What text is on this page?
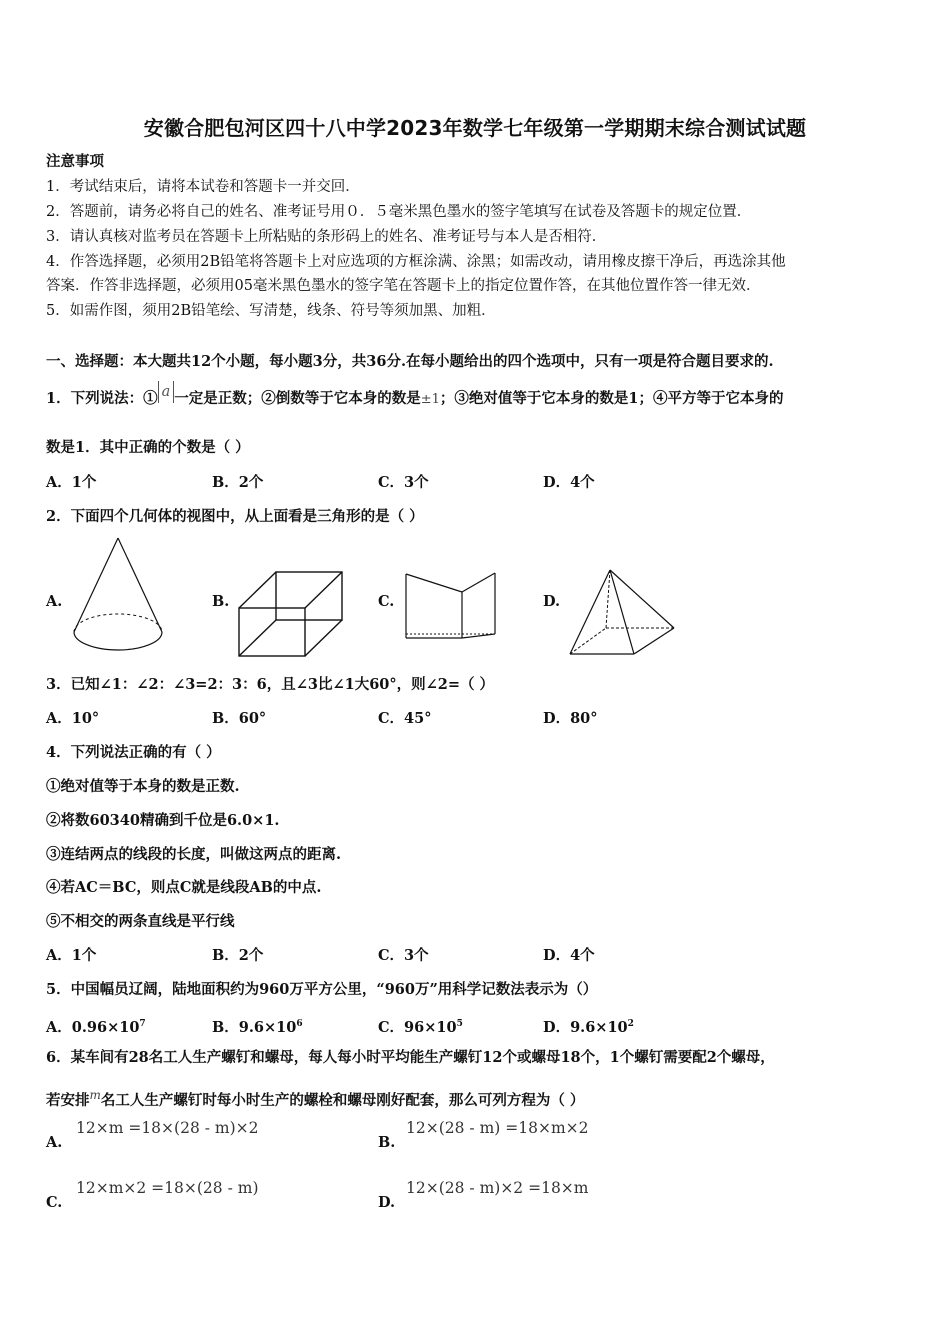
安徽合肥包河区四十八中学2023年数学七年级第一学期期末综合测试试题
注意事项
1．考试结束后，请将本试卷和答题卡一并交回．
2．答题前，请务必将自己的姓名、准考证号用０．５毫米黑色墨水的签字笔填写在试卷及答题卡的规定位置．
3．请认真核对监考员在答题卡上所粘贴的条形码上的姓名、准考证号与本人是否相符．
4．作答选择题，必须用2B铅笔将答题卡上对应选项的方框涂满、涂黑；如需改动，请用橡皮擦干净后，再选涂其他
答案．作答非选择题，必须用05毫米黑色墨水的签字笔在答题卡上的指定位置作答，在其他位置作答一律无效．
5．如需作图，须用2B铅笔绘、写清楚，线条、符号等须加黑、加粗．
一、选择题：本大题共12个小题，每小题3分，共36分.在每小题给出的四个选项中，只有一项是符合题目要求的.
1．下列说法：① a 一定是正数；②倒数等于它本身的数是±1；③绝对值等于它本身的数是1；④平方等于它本身的
数是1．其中正确的个数是（ ）
A．1个	B．2个	C．3个	D．4个
2．下面四个几何体的视图中，从上面看是三角形的是（ ）
A.	B.	C.	D.
3．已知∠1：∠2：∠3=2：3：6，且∠3比∠1大60°，则∠2=（ ）
A．10°	B．60°	C．45°	D．80°
4．下列说法正确的有（ ）
①绝对值等于本身的数是正数.
②将数60340精确到千位是6.0×1.
③连结两点的线段的长度，叫做这两点的距离.
④若AC＝BC，则点C就是线段AB的中点.
⑤不相交的两条直线是平行线
A．1个	B．2个	C．3个	D．4个
5．中国幅员辽阔，陆地面积约为960万平方公里，“960万”用科学记数法表示为（）
A．$0.96\times 10^7$	B．$9.6\times 10^6$	C．$96\times 10^5$	D．$9.6\times 10^2$
6．某车间有28名工人生产螺钉和螺母，每人每小时平均能生产螺钉12个或螺母18个，1个螺钉需要配2个螺母，
若安排$^m$名工人生产螺钉时每小时生产的螺栓和螺母刚好配套，那么可列方程为（ ）
A.
12×m =18×(28 - m)×2
B.
12×(28 - m) =18×m×2
C.
12×m×2 =18×(28 - m)
D.
12×(28 - m)×2 =18×m
